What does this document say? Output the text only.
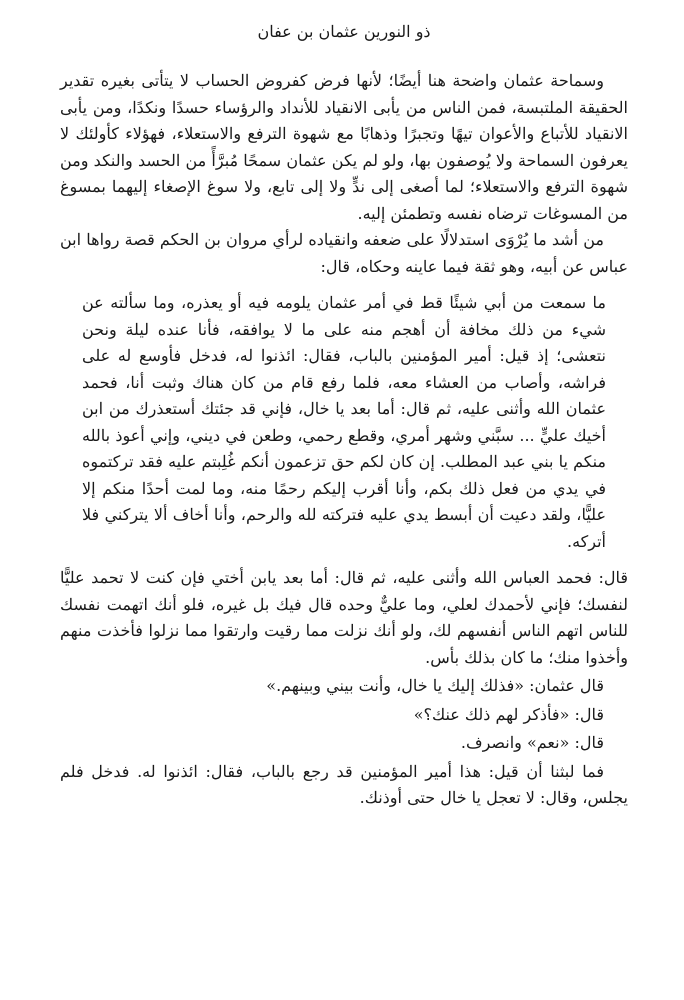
ذو النورين عثمان بن عفان

وسماحة عثمان واضحة هنا أيضًا؛ لأنها فرض كفروض الحساب لا يتأتى بغيره تقدير الحقيقة الملتبسة، فمن الناس من يأبى الانقياد للأنداد والرؤساء حسدًا ونكدًا، ومن يأبى الانقياد للأتباع والأعوان تيهًا وتجبرًا وذهابًا مع شهوة الترفع والاستعلاء، فهؤلاء كأولئك لا يعرفون السماحة ولا يُوصفون بها، ولو لم يكن عثمان سمحًا مُبرَّأً من الحسد والنكد ومن شهوة الترفع والاستعلاء؛ لما أصغى إلى ندٍّ ولا إلى تابع، ولا سوغ الإصغاء إليهما بمسوغ من المسوغات ترضاه نفسه وتطمئن إليه.

من أشد ما يُرْوَى استدلالًا على ضعفه وانقياده لرأي مروان بن الحكم قصة رواها ابن عباس عن أبيه، وهو ثقة فيما عاينه وحكاه، قال:

ما سمعت من أبي شيئًا قط في أمر عثمان يلومه فيه أو يعذره، وما سألته عن شيء من ذلك مخافة أن أهجم منه على ما لا يوافقه، فأنا عنده ليلة ونحن نتعشى؛ إذ قيل: أمير المؤمنين بالباب، فقال: ائذنوا له، فدخل فأوسع له على فراشه، وأصاب من العشاء معه، فلما رفع قام من كان هناك وثبت أنا، فحمد عثمان الله وأثنى عليه، ثم قال: أما بعد يا خال، فإني قد جئتك أستعذرك من ابن أخيك عليٍّ ... سبَّني وشهر أمري، وقطع رحمي، وطعن في ديني، وإني أعوذ بالله منكم يا بني عبد المطلب. إن كان لكم حق تزعمون أنكم غُلِبتم عليه فقد تركتموه في يدي من فعل ذلك بكم، وأنا أقرب إليكم رحمًا منه، وما لمت أحدًا منكم إلا عليًّا، ولقد دعيت أن أبسط يدي عليه فتركته لله والرحم، وأنا أخاف ألا يتركني فلا أتركه.

قال: فحمد العباس الله وأثنى عليه، ثم قال: أما بعد يابن أختي فإن كنت لا تحمد عليًّا لنفسك؛ فإني لأحمدك لعلي، وما عليٌّ وحده قال فيك بل غيره، فلو أنك اتهمت نفسك للناس اتهم الناس أنفسهم لك، ولو أنك نزلت مما رقيت وارتقوا مما نزلوا فأخذت منهم وأخذوا منك؛ ما كان بذلك بأس.

قال عثمان: «فذلك إليك يا خال، وأنت بيني وبينهم.»

قال: «فأذكر لهم ذلك عنك؟»

قال: «نعم» وانصرف.

فما لبثنا أن قيل: هذا أمير المؤمنين قد رجع بالباب، فقال: ائذنوا له. فدخل فلم يجلس، وقال: لا تعجل يا خال حتى أوذنك.
